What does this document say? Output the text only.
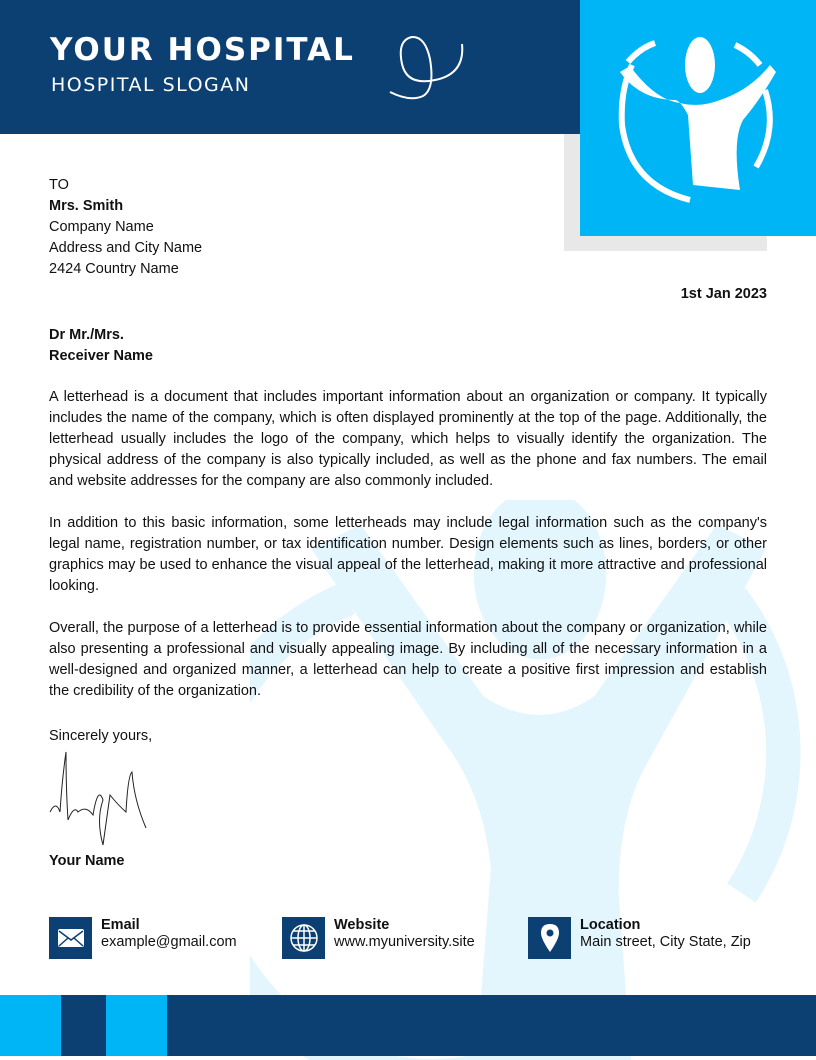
YOUR HOSPITAL
HOSPITAL SLOGAN
TO
Mrs. Smith
Company Name
Address and City Name
2424 Country Name
1st Jan 2023
Dr Mr./Mrs.
Receiver Name

A letterhead is a document that includes important information about an organization or company. It typically includes the name of the company, which is often displayed prominently at the top of the page. Additionally, the letterhead usually includes the logo of the company, which helps to visually identify the organization. The physical address of the company is also typically included, as well as the phone and fax numbers. The email and website addresses for the company are also commonly included.

In addition to this basic information, some letterheads may include legal information such as the company's legal name, registration number, or tax identification number. Design elements such as lines, borders, or other graphics may be used to enhance the visual appeal of the letterhead, making it more attractive and professional looking.

Overall, the purpose of a letterhead is to provide essential information about the company or organization, while also presenting a professional and visually appealing image. By including all of the necessary information in a well-designed and organized manner, a letterhead can help to create a positive first impression and establish the credibility of the organization.

Sincerely yours,
Your Name
Email
example@gmail.com
Website
www.myuniversity.site
Location
Main street, City State, Zip
